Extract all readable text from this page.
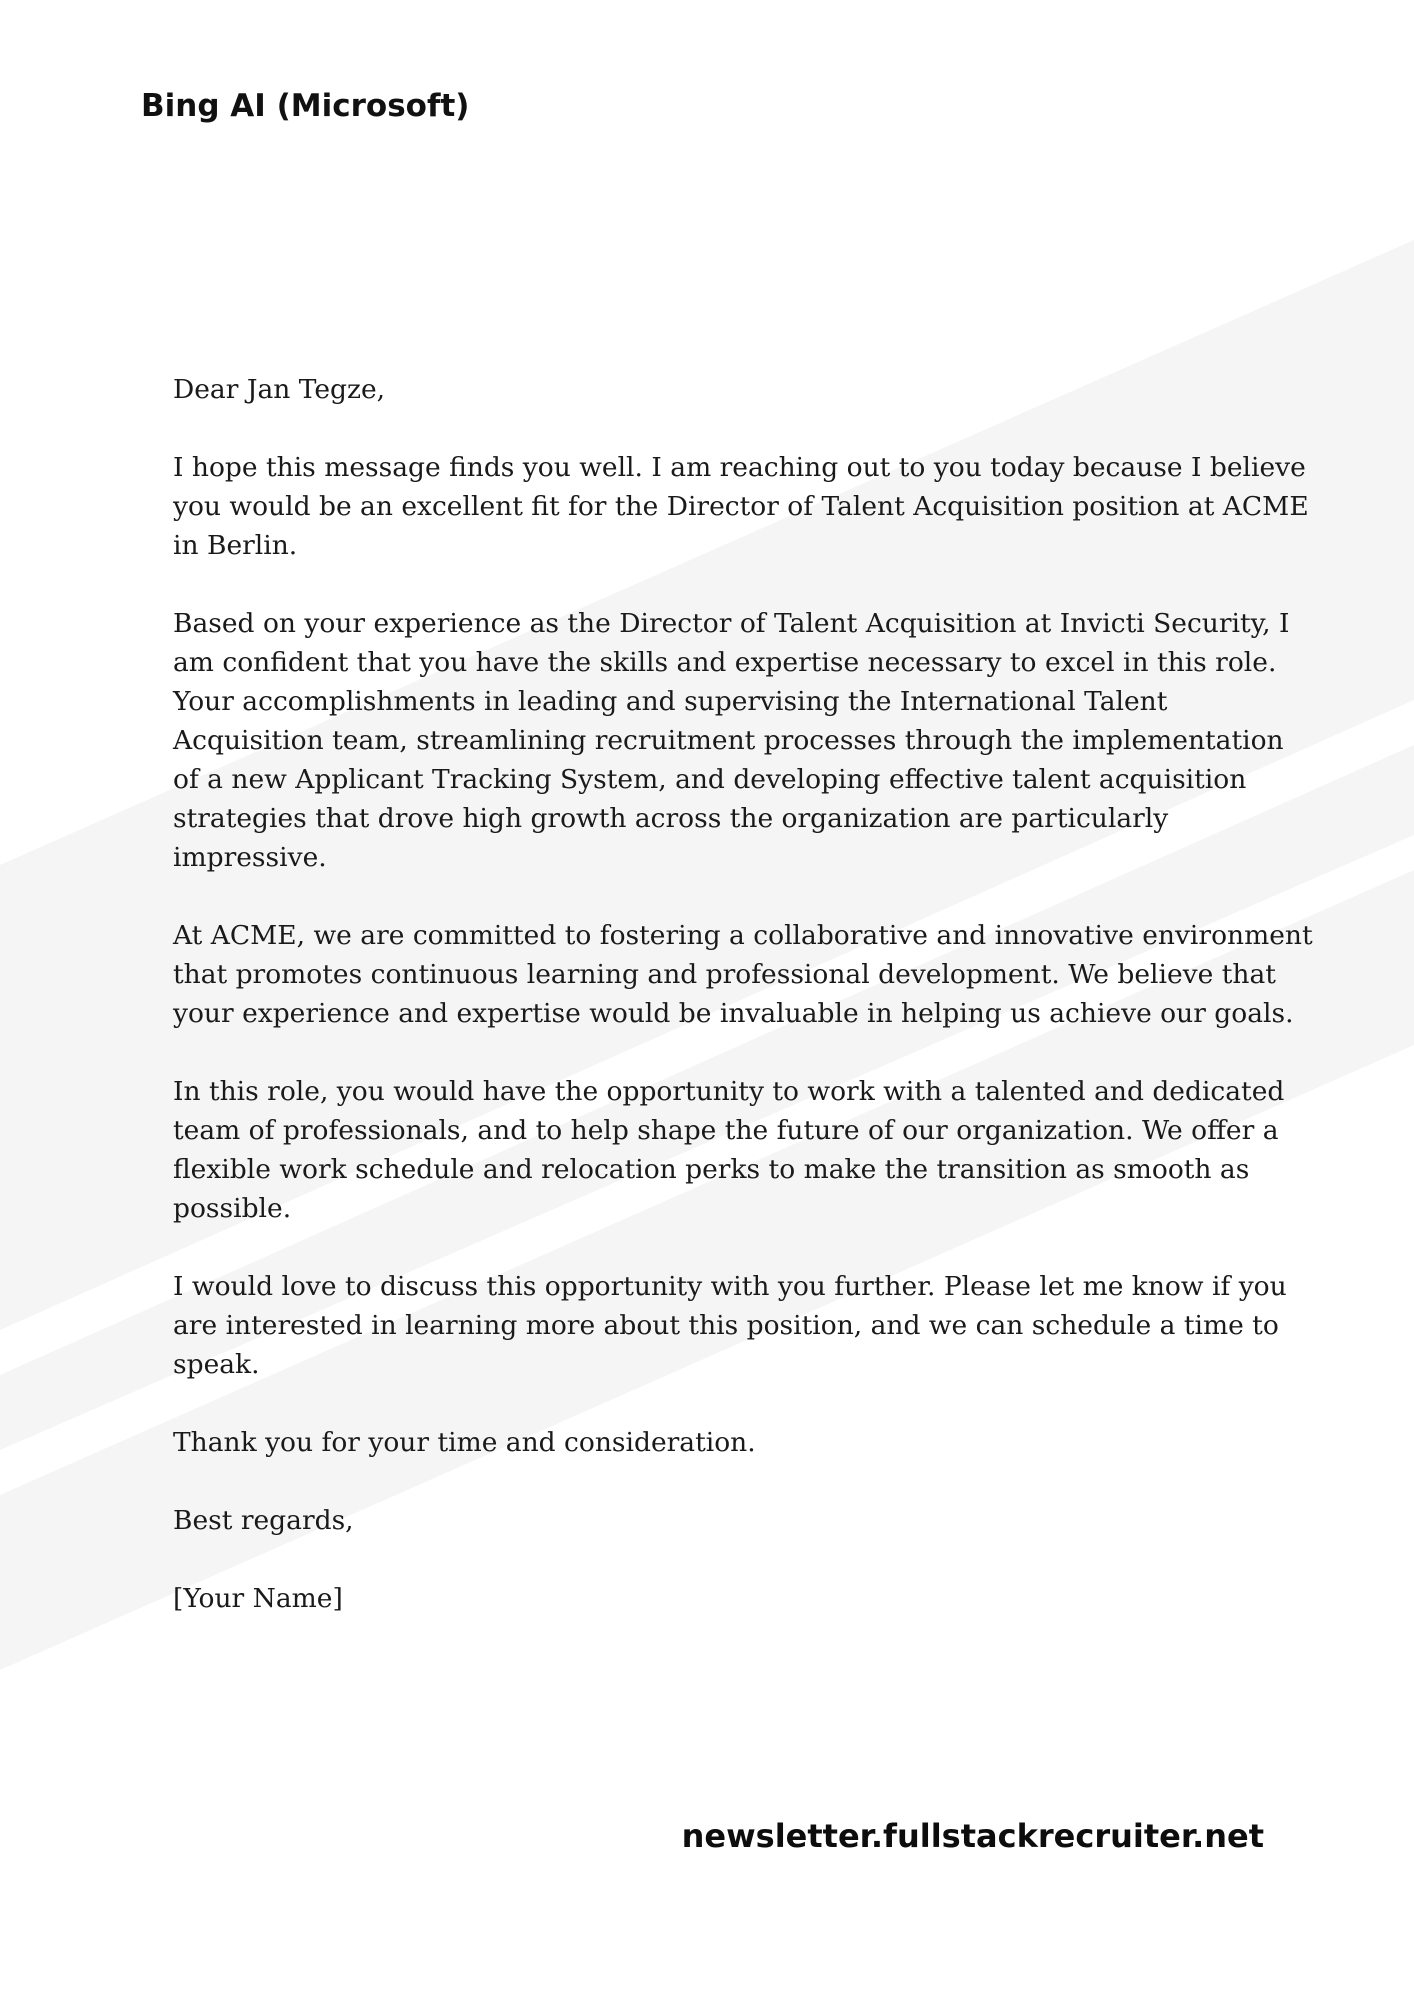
Bing AI (Microsoft)

Dear Jan Tegze,

I hope this message finds you well. I am reaching out to you today because I believe you would be an excellent fit for the Director of Talent Acquisition position at ACME in Berlin.

Based on your experience as the Director of Talent Acquisition at Invicti Security, I am confident that you have the skills and expertise necessary to excel in this role. Your accomplishments in leading and supervising the International Talent Acquisition team, streamlining recruitment processes through the implementation of a new Applicant Tracking System, and developing effective talent acquisition strategies that drove high growth across the organization are particularly impressive.

At ACME, we are committed to fostering a collaborative and innovative environment that promotes continuous learning and professional development. We believe that your experience and expertise would be invaluable in helping us achieve our goals.

In this role, you would have the opportunity to work with a talented and dedicated team of professionals, and to help shape the future of our organization. We offer a flexible work schedule and relocation perks to make the transition as smooth as possible.

I would love to discuss this opportunity with you further. Please let me know if you are interested in learning more about this position, and we can schedule a time to speak.

Thank you for your time and consideration.

Best regards,

[Your Name]

newsletter.fullstackrecruiter.net
